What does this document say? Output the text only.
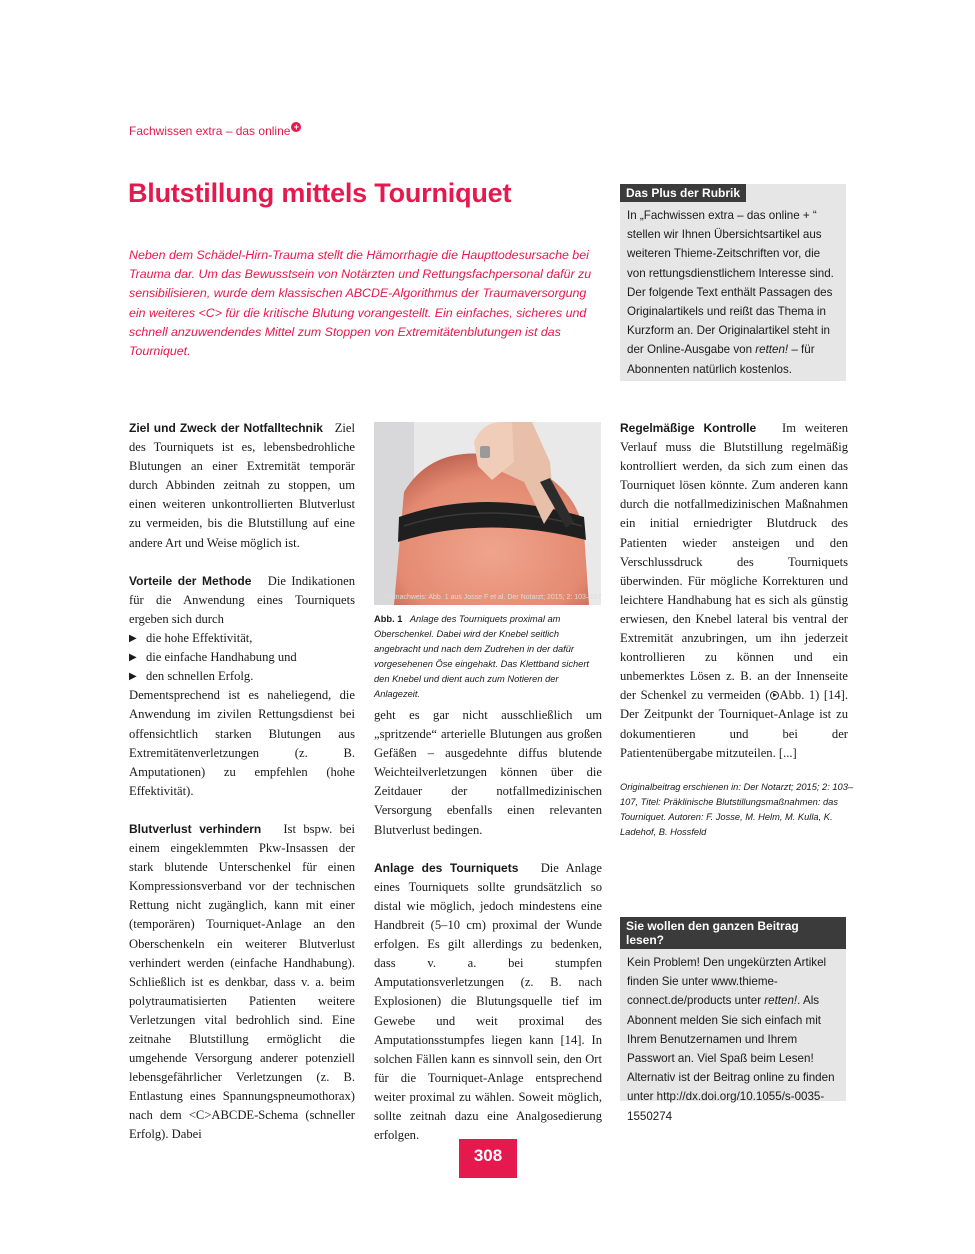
Fachwissen extra – das online +
Blutstillung mittels Tourniquet
Neben dem Schädel-Hirn-Trauma stellt die Hämorrhagie die Haupttodesursache bei Trauma dar. Um das Bewusstsein von Notärzten und Rettungsfachpersonal dafür zu sensibilisieren, wurde dem klassischen ABCDE-Algorithmus der Traumaversorgung ein weiteres <C> für die kritische Blutung vorangestellt. Ein einfaches, sicheres und schnell anzuwendendes Mittel zum Stoppen von Extremitätenblutungen ist das Tourniquet.
Das Plus der Rubrik
In „Fachwissen extra – das online + “ stellen wir Ihnen Übersichtsartikel aus weiteren Thieme-Zeitschriften vor, die von rettungsdienstlichem Interesse sind. Der folgende Text enthält Passagen des Originalartikels und reißt das Thema in Kurzform an. Der Originalartikel steht in der Online-Ausgabe von retten! – für Abonnenten natürlich kostenlos.

Ziel und Zweck der Notfalltechnik Ziel des Tourniquets ist es, lebensbedrohliche Blutungen an einer Extremität temporär durch Abbinden zeitnah zu stoppen, um einen weiteren unkontrollierten Blutverlust zu vermeiden, bis die Blutstillung auf eine andere Art und Weise möglich ist.

Vorteile der Methode Die Indikationen für die Anwendung eines Tourniquets ergeben sich durch

▶ die hohe Effektivität,
▶ die einfache Handhabung und
▶ den schnellen Erfolg.

Dementsprechend ist es naheliegend, die Anwendung im zivilen Rettungsdienst bei offensichtlich starken Blutungen aus Extremitätenverletzungen (z. B. Amputationen) zu empfehlen (hohe Effektivität).

Blutverlust verhindern Ist bspw. bei einem eingeklemmten Pkw-Insassen der stark blutende Unterschenkel für einen Kompressionsverband vor der technischen Rettung nicht zugänglich, kann mit einer (temporären) Tourniquet-Anlage an den Oberschenkeln ein weiterer Blutverlust verhindert werden (einfache Handhabung). Schließlich ist es denkbar, dass v. a. beim polytraumatisierten Patienten weitere Verletzungen vital bedrohlich sind. Eine zeitnahe Blutstillung ermöglicht die umgehende Versorgung anderer potenziell lebensgefährlicher Verletzungen (z. B. Entlastung eines Spannungspneumothorax) nach dem <C>ABCDE-Schema (schneller Erfolg). Dabei

Bildnachweis: Abb. 1 aus Josse F et al. Der Notarzt; 2015; 2: 103–107
Abb. 1 Anlage des Tourniquets proximal am Oberschenkel. Dabei wird der Knebel seitlich angebracht und nach dem Zudrehen in der dafür vorgesehenen Öse eingehakt. Das Klettband sichert den Knebel und dient auch zum Notieren der Anlagezeit.

geht es gar nicht ausschließlich um „spritzende“ arterielle Blutungen aus großen Gefäßen – ausgedehnte diffus blutende Weichteilverletzungen können über die Zeitdauer der notfallmedizinischen Versorgung ebenfalls einen relevanten Blutverlust bedingen.

Anlage des Tourniquets Die Anlage eines Tourniquets sollte grundsätzlich so distal wie möglich, jedoch mindestens eine Handbreit (5–10 cm) proximal der Wunde erfolgen. Es gilt allerdings zu bedenken, dass v. a. bei stumpfen Amputationsverletzungen (z. B. nach Explosionen) die Blutungsquelle tief im Gewebe und weit proximal des Amputationsstumpfes liegen kann [14]. In solchen Fällen kann es sinnvoll sein, den Ort für die Tourniquet-Anlage entsprechend weiter proximal zu wählen. Soweit möglich, sollte zeitnah dazu eine Analgosedierung erfolgen.

Regelmäßige Kontrolle Im weiteren Verlauf muss die Blutstillung regelmäßig kontrolliert werden, da sich zum einen das Tourniquet lösen könnte. Zum anderen kann durch die notfallmedizinischen Maßnahmen ein initial erniedrigter Blutdruck des Patienten wieder ansteigen und den Verschlussdruck des Tourniquets überwinden. Für mögliche Korrekturen und leichtere Handhabung hat es sich als günstig erwiesen, den Knebel lateral bis ventral der Extremität anzubringen, um ihn jederzeit kontrollieren zu können und ein unbemerktes Lösen z. B. an der Innenseite der Schenkel zu vermeiden ( Abb. 1) [14]. Der Zeitpunkt der Tourniquet-Anlage ist zu dokumentieren und bei der Patientenübergabe mitzuteilen. [...]

Originalbeitrag erschienen in: Der Notarzt; 2015; 2: 103–107, Titel: Präklinische Blutstillungsmaßnahmen: das Tourniquet. Autoren: F. Josse, M. Helm, M. Kulla, K. Ladehof, B. Hossfeld
Sie wollen den ganzen Beitrag lesen?
Kein Problem! Den ungekürzten Artikel finden Sie unter www.thieme-connect.de/products unter retten!. Als Abonnent melden Sie sich einfach mit Ihrem Benutzernamen und Ihrem Passwort an. Viel Spaß beim Lesen! Alternativ ist der Beitrag online zu finden unter http://dx.doi.org/10.1055/s-0035-1550274
308
